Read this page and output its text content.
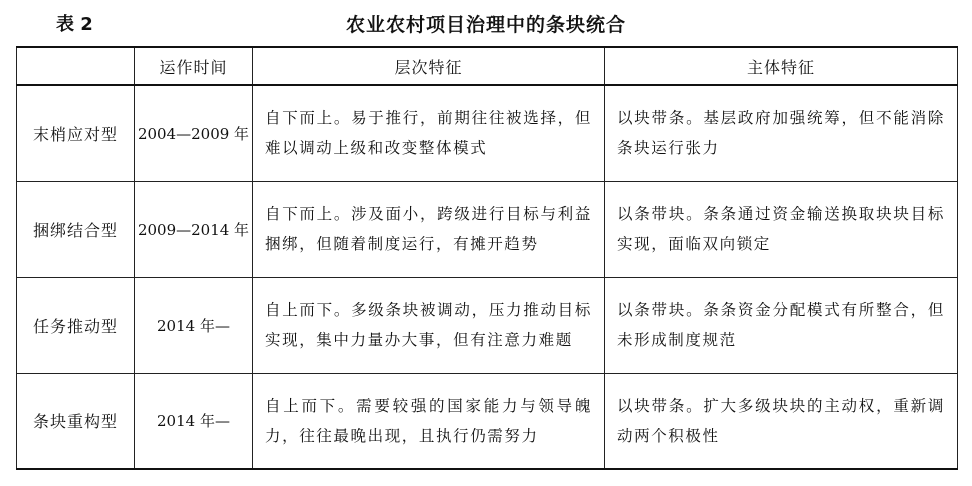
表 2	农业农村项目治理中的条块统合
	运作时间	层次特征	主体特征
末梢应对型	2004—2009 年	自下而上。易于推行，前期往往被选择，但难以调动上级和改变整体模式	以块带条。基层政府加强统筹，但不能消除条块运行张力
捆绑结合型	2009—2014 年	自下而上。涉及面小，跨级进行目标与利益捆绑，但随着制度运行，有摊开趋势	以条带块。条条通过资金输送换取块块目标实现，面临双向锁定
任务推动型	2014 年—	自上而下。多级条块被调动，压力推动目标实现，集中力量办大事，但有注意力难题	以条带块。条条资金分配模式有所整合，但未形成制度规范
条块重构型	2014 年—	自上而下。需要较强的国家能力与领导魄力，往往最晚出现，且执行仍需努力	以块带条。扩大多级块块的主动权，重新调动两个积极性
